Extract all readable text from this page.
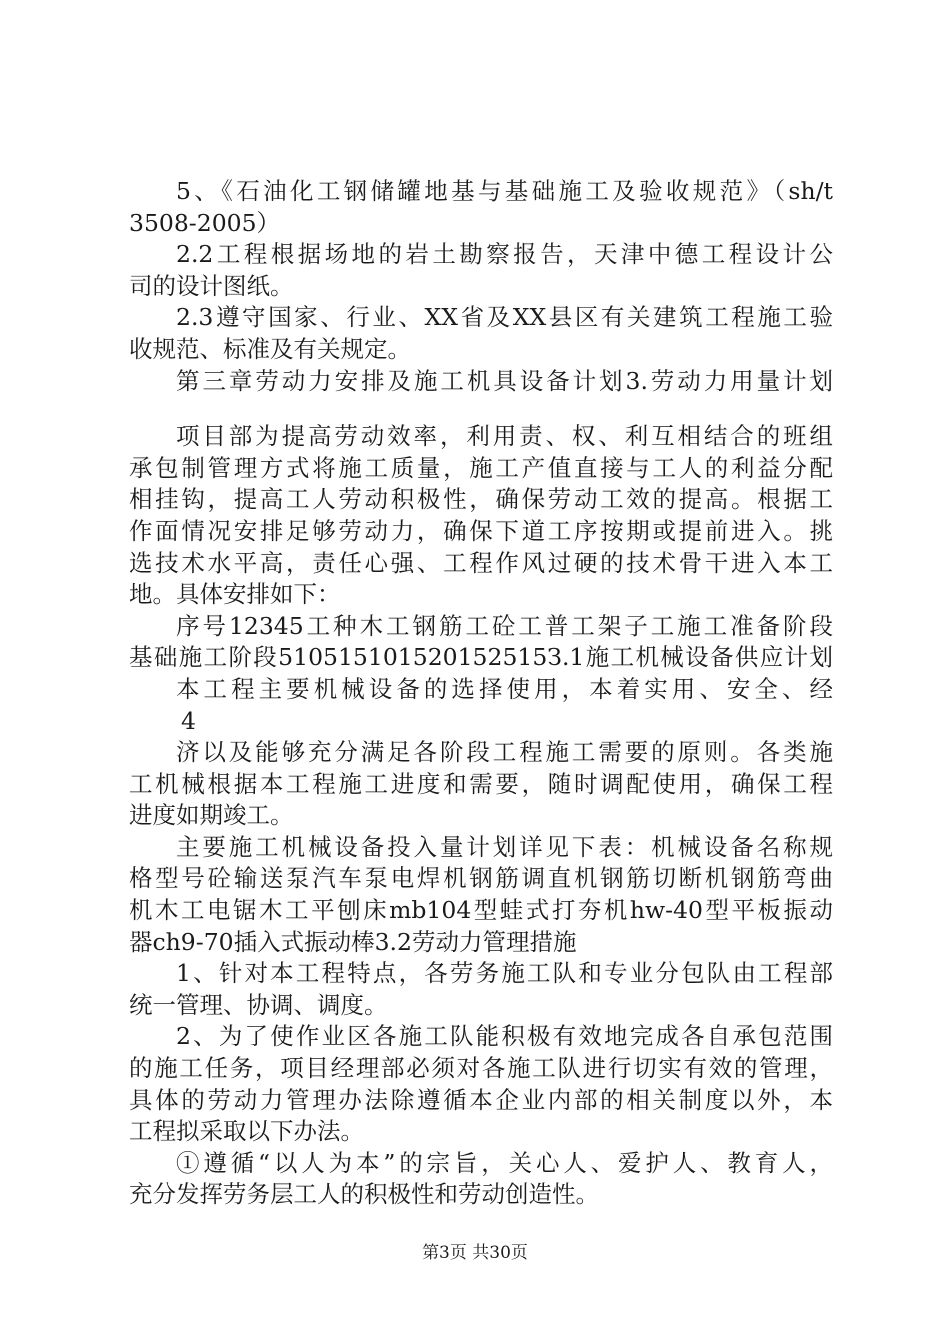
5、《石油化工钢储罐地基与基础施工及验收规范》（sh/t
3508-2005）
2.2工程根据场地的岩土勘察报告，天津中德工程设计公
司的设计图纸。
2.3遵守国家、行业、XX省及XX县区有关建筑工程施工验
收规范、标准及有关规定。
第三章劳动力安排及施工机具设备计划3.劳动力用量计划
项目部为提高劳动效率，利用责、权、利互相结合的班组
承包制管理方式将施工质量，施工产值直接与工人的利益分配
相挂钩，提高工人劳动积极性，确保劳动工效的提高。根据工
作面情况安排足够劳动力，确保下道工序按期或提前进入。挑
选技术水平高，责任心强、工程作风过硬的技术骨干进入本工
地。具体安排如下：
序号12345工种木工钢筋工砼工普工架子工施工准备阶段
基础施工阶段510515101520152515З.1施工机械设备供应计划
本工程主要机械设备的选择使用，本着实用、安全、经
4
济以及能够充分满足各阶段工程施工需要的原则。各类施
工机械根据本工程施工进度和需要，随时调配使用，确保工程
进度如期竣工。
主要施工机械设备投入量计划详见下表：机械设备名称规
格型号砼输送泵汽车泵电焊机钢筋调直机钢筋切断机钢筋弯曲
机木工电锯木工平刨床mb104型蛙式打夯机hw-40型平板振动
器ch9-70插入式振动棒3.2劳动力管理措施
1、针对本工程特点，各劳务施工队和专业分包队由工程部
统一管理、协调、调度。
2、为了使作业区各施工队能积极有效地完成各自承包范围
的施工任务，项目经理部必须对各施工队进行切实有效的管理，
具体的劳动力管理办法除遵循本企业内部的相关制度以外，本
工程拟采取以下办法。
①遵循“以人为本”的宗旨，关心人、爱护人、教育人，
充分发挥劳务层工人的积极性和劳动创造性。
第3页 共30页
